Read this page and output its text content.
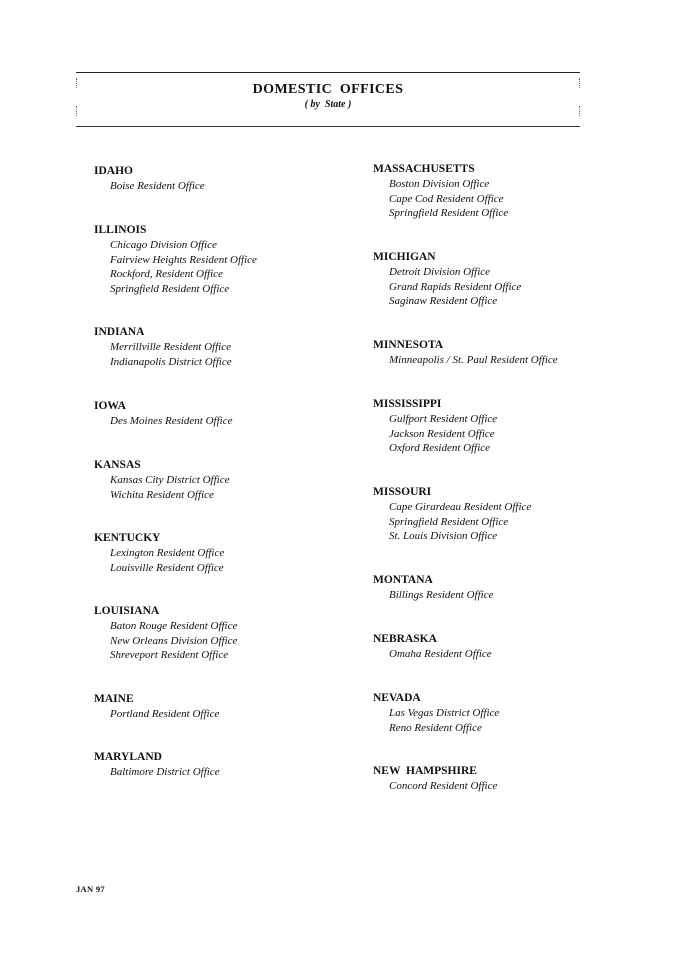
DOMESTIC  OFFICES
( by  State )
IDAHO
Boise Resident Office
ILLINOIS
Chicago Division Office
Fairview Heights Resident Office
Rockford, Resident Office
Springfield Resident Office
INDIANA
Merrillville Resident Office
Indianapolis District Office
IOWA
Des Moines Resident Office
KANSAS
Kansas City District Office
Wichita Resident Office
KENTUCKY
Lexington Resident Office
Louisville Resident Office
LOUISIANA
Baton Rouge Resident Office
New Orleans Division Office
Shreveport Resident Office
MAINE
Portland Resident Office
MARYLAND
Baltimore District Office
MASSACHUSETTS
Boston Division Office
Cape Cod Resident Office
Springfield Resident Office
MICHIGAN
Detroit Division Office
Grand Rapids Resident Office
Saginaw Resident Office
MINNESOTA
Minneapolis / St. Paul Resident Office
MISSISSIPPI
Gulfport Resident Office
Jackson Resident Office
Oxford Resident Office
MISSOURI
Cape Girardeau Resident Office
Springfield Resident Office
St. Louis Division Office
MONTANA
Billings Resident Office
NEBRASKA
Omaha Resident Office
NEVADA
Las Vegas District Office
Reno Resident Office
NEW  HAMPSHIRE
Concord Resident Office
JAN 97
